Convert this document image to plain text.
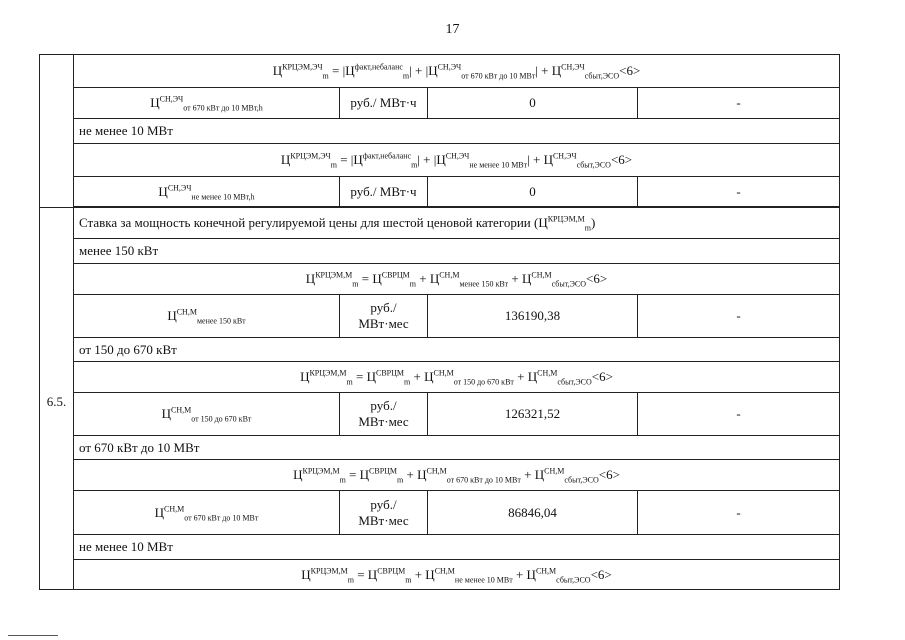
17
	$Ц^{КРЦЭМ,ЭЧ}_m = |Ц^{факт,небаланс}_m| + |Ц^{СН,ЭЧ}_{от 670 кВт до 10 МВт}| + Ц^{СН,ЭЧ}_{сбыт,ЭСО}<6>$			
	$Ц^{СН,ЭЧ}_{от 670 кВт до 10 МВт,h}$	руб./ МВт·ч	0	-
	не менее 10 МВт			
	$Ц^{КРЦЭМ,ЭЧ}_m = |Ц^{факт,небаланс}_m| + |Ц^{СН,ЭЧ}_{не менее 10 МВт}| + Ц^{СН,ЭЧ}_{сбыт,ЭСО}<6>$			
	$Ц^{СН,ЭЧ}_{не менее 10 МВт,h}$	руб./ МВт·ч	0	-

6.5.	Ставка за мощность конечной регулируемой цены для шестой ценовой категории $(Ц^{КРЦЭМ,М}_m)$			
	менее 150 кВт			
	$Ц^{КРЦЭМ,М}_m = Ц^{СВРЦМ}_m + Ц^{СН,М}_{менее 150 кВт} + Ц^{СН,М}_{сбыт,ЭСО}<6>$			
	$Ц^{СН,М}_{менее 150 кВт}$	руб./ МВт·мес	136190,38	-
	от 150 до 670 кВт			
	$Ц^{КРЦЭМ,М}_m = Ц^{СВРЦМ}_m + Ц^{СН,М}_{от 150 до 670 кВт} + Ц^{СН,М}_{сбыт,ЭСО}<6>$			
	$Ц^{СН,М}_{от 150 до 670 кВт}$	руб./ МВт·мес	126321,52	-
	от 670 кВт до 10 МВт			
	$Ц^{КРЦЭМ,М}_m = Ц^{СВРЦМ}_m + Ц^{СН,М}_{от 670 кВт до 10 МВт} + Ц^{СН,М}_{сбыт,ЭСО}<6>$			
	$Ц^{СН,М}_{от 670 кВт до 10 МВт}$	руб./ МВт·мес	86846,04	-
	не менее 10 МВт			
	$Ц^{КРЦЭМ,М}_m = Ц^{СВРЦМ}_m + Ц^{СН,М}_{не менее 10 МВт} + Ц^{СН,М}_{сбыт,ЭСО}<6>$			
